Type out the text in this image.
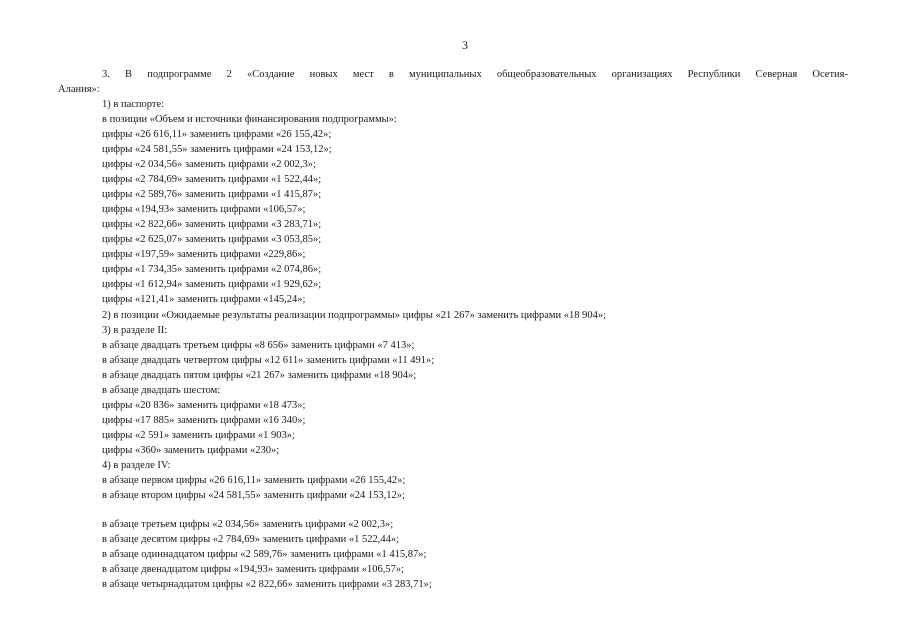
3
3. В подпрограмме 2 «Создание новых мест в муниципальных общеобразовательных организациях Республики Северная Осетия-
Алания»:
1) в паспорте:
в позиции «Объем и источники финансирования подпрограммы»:
цифры «26 616,11» заменить цифрами «26 155,42»;
цифры «24 581,55» заменить цифрами «24 153,12»;
цифры «2 034,56» заменить цифрами «2 002,3»;
цифры «2 784,69» заменить цифрами «1 522,44»;
цифры «2 589,76» заменить цифрами «1 415,87»;
цифры «194,93» заменить цифрами «106,57»;
цифры «2 822,66» заменить цифрами «3 283,71»;
цифры «2 625,07» заменить цифрами «3 053,85»;
цифры «197,59» заменить цифрами «229,86»;
цифры «1 734,35» заменить цифрами «2 074,86»;
цифры «1 612,94» заменить цифрами «1 929,62»;
цифры «121,41» заменить цифрами «145,24»;
2) в позиции «Ожидаемые результаты реализации подпрограммы» цифры «21 267» заменить цифрами «18 904»;
3) в разделе II:
в абзаце двадцать третьем цифры «8 656» заменить цифрами «7 413»;
в абзаце двадцать четвертом цифры «12 611» заменить цифрами «11 491»;
в абзаце двадцать пятом цифры «21 267» заменить цифрами «18 904»;
в абзаце двадцать шестом:
цифры «20 836» заменить цифрами «18 473»;
цифры «17 885» заменить цифрами «16 340»;
цифры «2 591» заменить цифрами «1 903»;
цифры «360» заменить цифрами «230»;
4) в разделе IV:
в абзаце первом цифры «26 616,11» заменить цифрами «26 155,42»;
в абзаце втором цифры «24 581,55» заменить цифрами «24 153,12»;
в абзаце третьем цифры «2 034,56» заменить цифрами «2 002,3»;
в абзаце десятом цифры «2 784,69» заменить цифрами «1 522,44»;
в абзаце одиннадцатом цифры «2 589,76» заменить цифрами «1 415,87»;
в абзаце двенадцатом цифры «194,93» заменить цифрами «106,57»;
в абзаце четырнадцатом цифры «2 822,66» заменить цифрами «3 283,71»;
